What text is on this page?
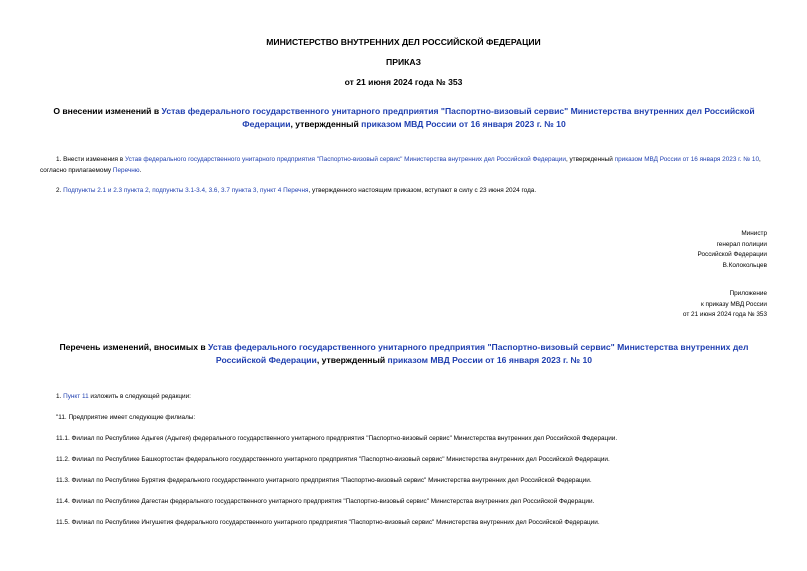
МИНИСТЕРСТВО ВНУТРЕННИХ ДЕЛ РОССИЙСКОЙ ФЕДЕРАЦИИ
ПРИКАЗ
от 21 июня 2024 года № 353
О внесении изменений в Устав федерального государственного унитарного предприятия "Паспортно-визовый сервис" Министерства внутренних дел Российской Федерации, утвержденный приказом МВД России от 16 января 2023 г. № 10
1. Внести изменения в Устав федерального государственного унитарного предприятия "Паспортно-визовый сервис" Министерства внутренних дел Российской Федерации, утвержденный приказом МВД России от 16 января 2023 г. № 10, согласно прилагаемому Перечню.
2. Подпункты 2.1 и 2.3 пункта 2, подпункты 3.1-3.4, 3.6, 3.7 пункта 3, пункт 4 Перечня, утвержденного настоящим приказом, вступают в силу с 23 июня 2024 года.
Министр
генерал полиции
Российской Федерации
В.Колокольцев
Приложение
к приказу МВД России
от 21 июня 2024 года № 353
Перечень изменений, вносимых в Устав федерального государственного унитарного предприятия "Паспортно-визовый сервис" Министерства внутренних дел Российской Федерации, утвержденный приказом МВД России от 16 января 2023 г. № 10
1. Пункт 11 изложить в следующей редакции:
"11. Предприятие имеет следующие филиалы:
11.1. Филиал по Республике Адыгея (Адыгея) федерального государственного унитарного предприятия "Паспортно-визовый сервис" Министерства внутренних дел Российской Федерации.
11.2. Филиал по Республике Башкортостан федерального государственного унитарного предприятия "Паспортно-визовый сервис" Министерства внутренних дел Российской Федерации.
11.3. Филиал по Республике Бурятия федерального государственного унитарного предприятия "Паспортно-визовый сервис" Министерства внутренних дел Российской Федерации.
11.4. Филиал по Республике Дагестан федерального государственного унитарного предприятия "Паспортно-визовый сервис" Министерства внутренних дел Российской Федерации.
11.5. Филиал по Республике Ингушетия федерального государственного унитарного предприятия "Паспортно-визовый сервис" Министерства внутренних дел Российской Федерации.
